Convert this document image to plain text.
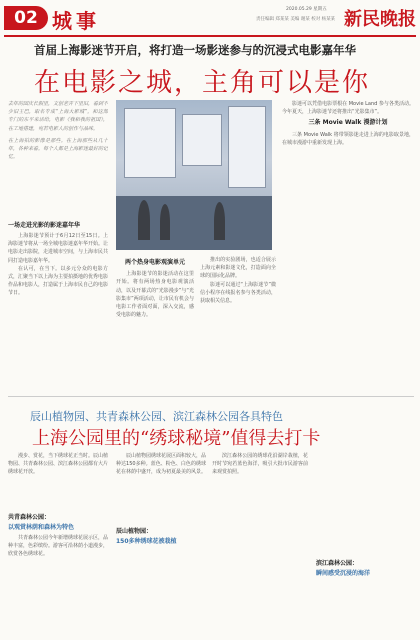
02 城事	2020.05.29 星期五
责任编辑 郑某某 美编 谢某 校对 杨某某 新民晚报
首届上海影迷节开启，将打造一场影迷参与的沉浸式电影嘉年华
在电影之城，主角可以是你

去年的国庆长假里，文创老弄下里旧，看到不少旧王巴，取名专成“上海大影城”，和这部专门的东平来话给，电影《我和我的祖国》，在工地搭建，宛若电影人的创作与品味。

在上海拍的影像是那些。在上海那些从几十年，各种来看。每个人都是上海影迷最好的记忆。

一场走进光影的影迷嘉年华

上海影迷节预计于6月12日至15日。上海影迷节将从一场全城电影迷嘉年华开始。让电影走出影院，走进城市空间，与上海市民共同打造电影嘉年华。

在认可，在当下。以多元分众的电影方式，汇聚当下以上海为主要拍摄地的优秀电影作品和电影人，打造属于上海市民自己的电影节日。

两个热身电影观演单元

上海影迷节的影迷活动在这里开始。将有两场热身电影观演活动，以及开幕式的“光影漫步”与“光影集市”两项活动，让市民有机会与电影工作者面对面，深入交流，感受电影的魅力。

推出的实验剧场，也适合展示上海元素和影迷文化，打造面向全球的国际化品牌。

影迷可以通过“上海影迷节”微信小程序在线报名参与各类活动，获取相关信息。

影迷可以凭借电影票根在 Movie Land 参与各类活动。今年夏天，上海影迷节还将推出“光影集市”。

三条 Movie Walk 漫游计划

三条 Movie Walk 将带领影迷走进上海的电影取景地，在城市漫游中重新发现上海。

辰山植物园、共青森林公园、滨江森林公园各具特色
上海公园里的“绣球秘境”值得去打卡

漫步、赏花，当下绣球花正当时。辰山植物园、共青森林公园、滨江森林公园都有大片绣球花开放。

共青森林公园：
以观赏林荫和森林为特色

共青森林公园今年新增绣球花展示区，品种丰富，色彩缤纷。游客可沿林荫小道漫步，欣赏各色绣球花。

辰山植物园绣球花展区面积较大，品种达150多种。蓝色、粉色、白色的绣球花在林荫中盛开，成为初夏最美的风景。

辰山植物园：
150多种绣球花被栽植

滨江森林公园的绣球花沿湖岸栽植，花开时节宛若蓝色海洋，吸引大批市民游客前来观赏拍照。

滨江森林公园：
瞬间感受沉浸的海洋
